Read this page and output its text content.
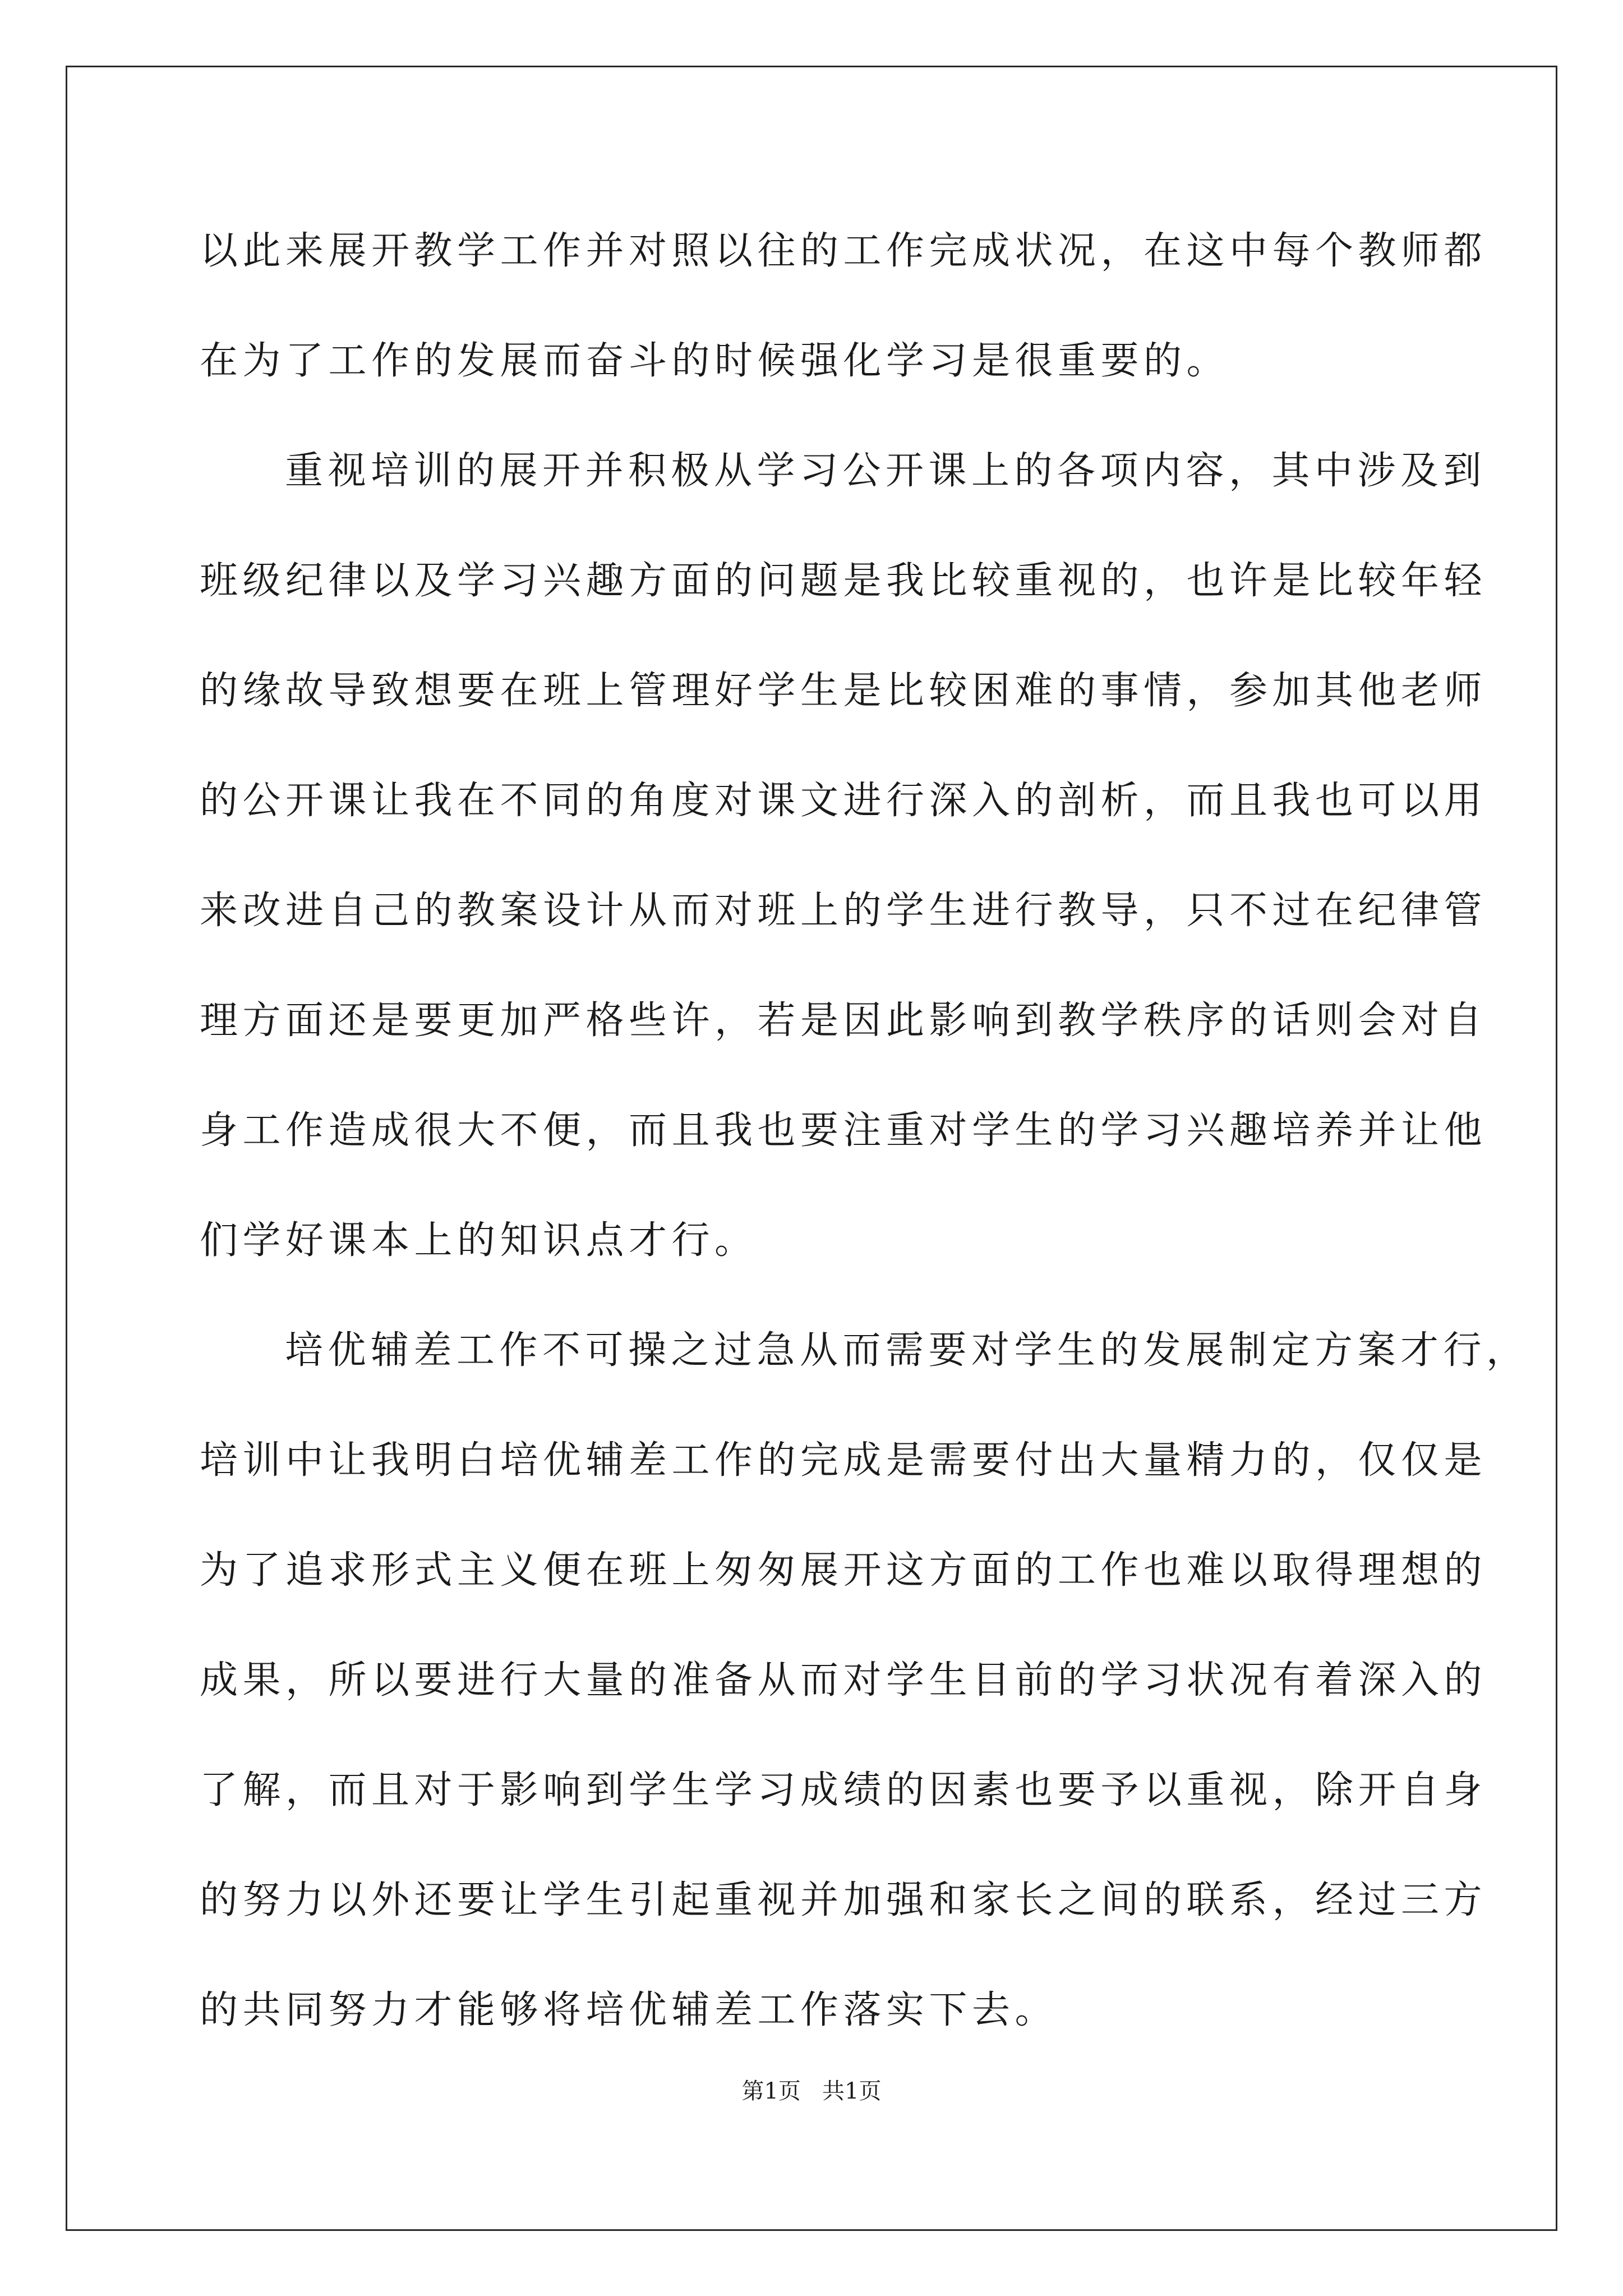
以此来展开教学工作并对照以往的工作完成状况，在这中每个教师都
在为了工作的发展而奋斗的时候强化学习是很重要的。
重视培训的展开并积极从学习公开课上的各项内容，其中涉及到
班级纪律以及学习兴趣方面的问题是我比较重视的，也许是比较年轻
的缘故导致想要在班上管理好学生是比较困难的事情，参加其他老师
的公开课让我在不同的角度对课文进行深入的剖析，而且我也可以用
来改进自己的教案设计从而对班上的学生进行教导，只不过在纪律管
理方面还是要更加严格些许，若是因此影响到教学秩序的话则会对自
身工作造成很大不便，而且我也要注重对学生的学习兴趣培养并让他
们学好课本上的知识点才行。
培优辅差工作不可操之过急从而需要对学生的发展制定方案才行，
培训中让我明白培优辅差工作的完成是需要付出大量精力的，仅仅是
为了追求形式主义便在班上匆匆展开这方面的工作也难以取得理想的
成果，所以要进行大量的准备从而对学生目前的学习状况有着深入的
了解，而且对于影响到学生学习成绩的因素也要予以重视，除开自身
的努力以外还要让学生引起重视并加强和家长之间的联系，经过三方
的共同努力才能够将培优辅差工作落实下去。
第1页   共1页
